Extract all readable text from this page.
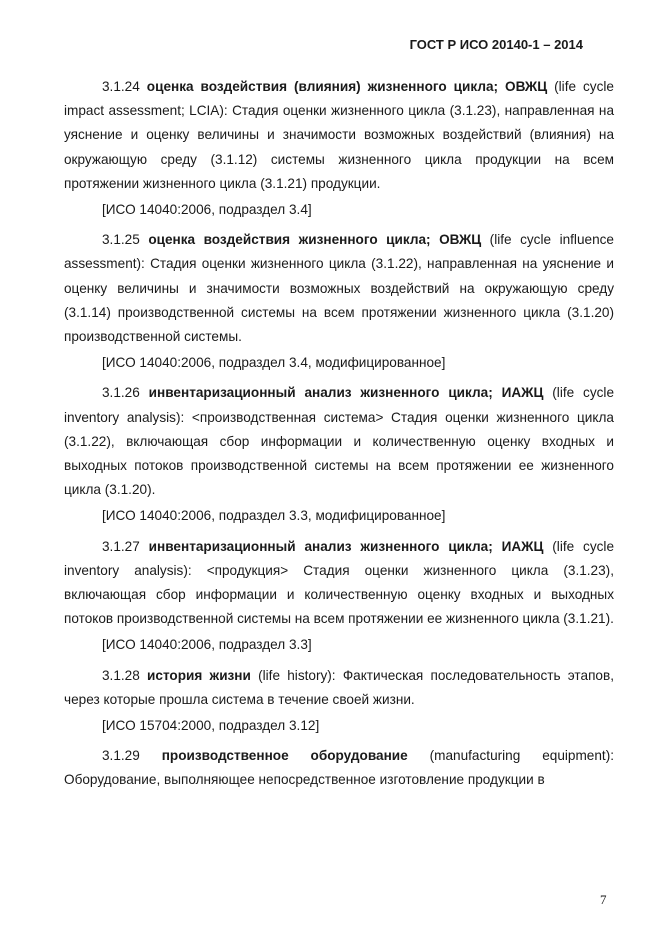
ГОСТ Р ИСО 20140-1 – 2014

3.1.24 оценка воздействия (влияния) жизненного цикла; ОВЖЦ (life cycle impact assessment; LCIA): Стадия оценки жизненного цикла (3.1.23), направленная на уяснение и оценку величины и значимости возможных воздействий (влияния) на окружающую среду (3.1.12) системы жизненного цикла продукции на всем протяжении жизненного цикла (3.1.21) продукции.

[ИСО 14040:2006, подраздел 3.4]

3.1.25 оценка воздействия жизненного цикла; ОВЖЦ (life cycle influence assessment): Стадия оценки жизненного цикла (3.1.22), направленная на уяснение и оценку величины и значимости возможных воздействий на окружающую среду (3.1.14) производственной системы на всем протяжении жизненного цикла (3.1.20) производственной системы.

[ИСО 14040:2006, подраздел 3.4, модифицированное]

3.1.26 инвентаризационный анализ жизненного цикла; ИАЖЦ (life cycle inventory analysis): <производственная система> Стадия оценки жизненного цикла (3.1.22), включающая сбор информации и количественную оценку входных и выходных потоков производственной системы на всем протяжении ее жизненного цикла (3.1.20).

[ИСО 14040:2006, подраздел 3.3, модифицированное]

3.1.27 инвентаризационный анализ жизненного цикла; ИАЖЦ (life cycle inventory analysis): <продукция> Стадия оценки жизненного цикла (3.1.23), включающая сбор информации и количественную оценку входных и выходных потоков производственной системы на всем протяжении ее жизненного цикла (3.1.21).

[ИСО 14040:2006, подраздел 3.3]

3.1.28 история жизни (life history): Фактическая последовательность этапов, через которые прошла система в течение своей жизни.

[ИСО 15704:2000, подраздел 3.12]

3.1.29 производственное оборудование (manufacturing equipment): Оборудование, выполняющее непосредственное изготовление продукции в

7
